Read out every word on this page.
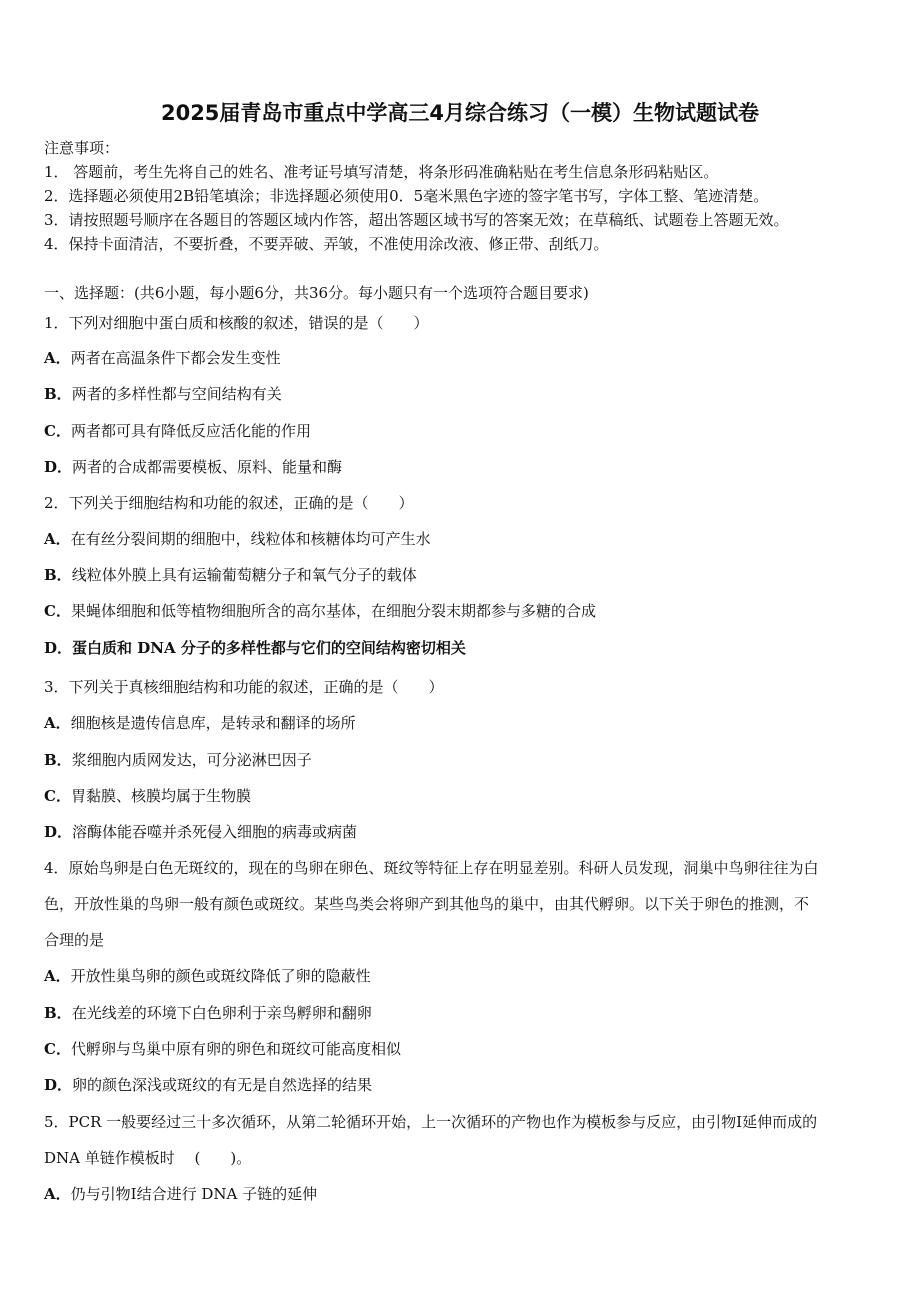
2025届青岛市重点中学高三4月综合练习（一模）生物试题试卷
注意事项：
1． 答题前，考生先将自己的姓名、准考证号填写清楚，将条形码准确粘贴在考生信息条形码粘贴区。
2．选择题必须使用2B铅笔填涂；非选择题必须使用0．5毫米黑色字迹的签字笔书写，字体工整、笔迹清楚。
3．请按照题号顺序在各题目的答题区域内作答，超出答题区域书写的答案无效；在草稿纸、试题卷上答题无效。
4．保持卡面清洁，不要折叠，不要弄破、弄皱，不准使用涂改液、修正带、刮纸刀。
一、选择题：(共6小题，每小题6分，共36分。每小题只有一个选项符合题目要求)
1．下列对细胞中蛋白质和核酸的叙述，错误的是（　　）
A．两者在高温条件下都会发生变性
B．两者的多样性都与空间结构有关
C．两者都可具有降低反应活化能的作用
D．两者的合成都需要模板、原料、能量和酶
2．下列关于细胞结构和功能的叙述，正确的是（　　）
A．在有丝分裂间期的细胞中，线粒体和核糖体均可产生水
B．线粒体外膜上具有运输葡萄糖分子和氧气分子的载体
C．果蝇体细胞和低等植物细胞所含的高尔基体，在细胞分裂末期都参与多糖的合成
D．蛋白质和 DNA 分子的多样性都与它们的空间结构密切相关
3．下列关于真核细胞结构和功能的叙述，正确的是（　　）
A．细胞核是遗传信息库，是转录和翻译的场所
B．浆细胞内质网发达，可分泌淋巴因子
C．胃黏膜、核膜均属于生物膜
D．溶酶体能吞噬并杀死侵入细胞的病毒或病菌
4．原始鸟卵是白色无斑纹的，现在的鸟卵在卵色、斑纹等特征上存在明显差别。科研人员发现，洞巢中鸟卵往往为白
色，开放性巢的鸟卵一般有颜色或斑纹。某些鸟类会将卵产到其他鸟的巢中，由其代孵卵。以下关于卵色的推测，不
合理的是
A．开放性巢鸟卵的颜色或斑纹降低了卵的隐蔽性
B．在光线差的环境下白色卵利于亲鸟孵卵和翻卵
C．代孵卵与鸟巢中原有卵的卵色和斑纹可能高度相似
D．卵的颜色深浅或斑纹的有无是自然选择的结果
5．PCR 一般要经过三十多次循环，从第二轮循环开始，上一次循环的产物也作为模板参与反应，由引物Ⅰ延伸而成的
DNA 单链作模板时　 (　　)。
A．仍与引物Ⅰ结合进行 DNA 子链的延伸
